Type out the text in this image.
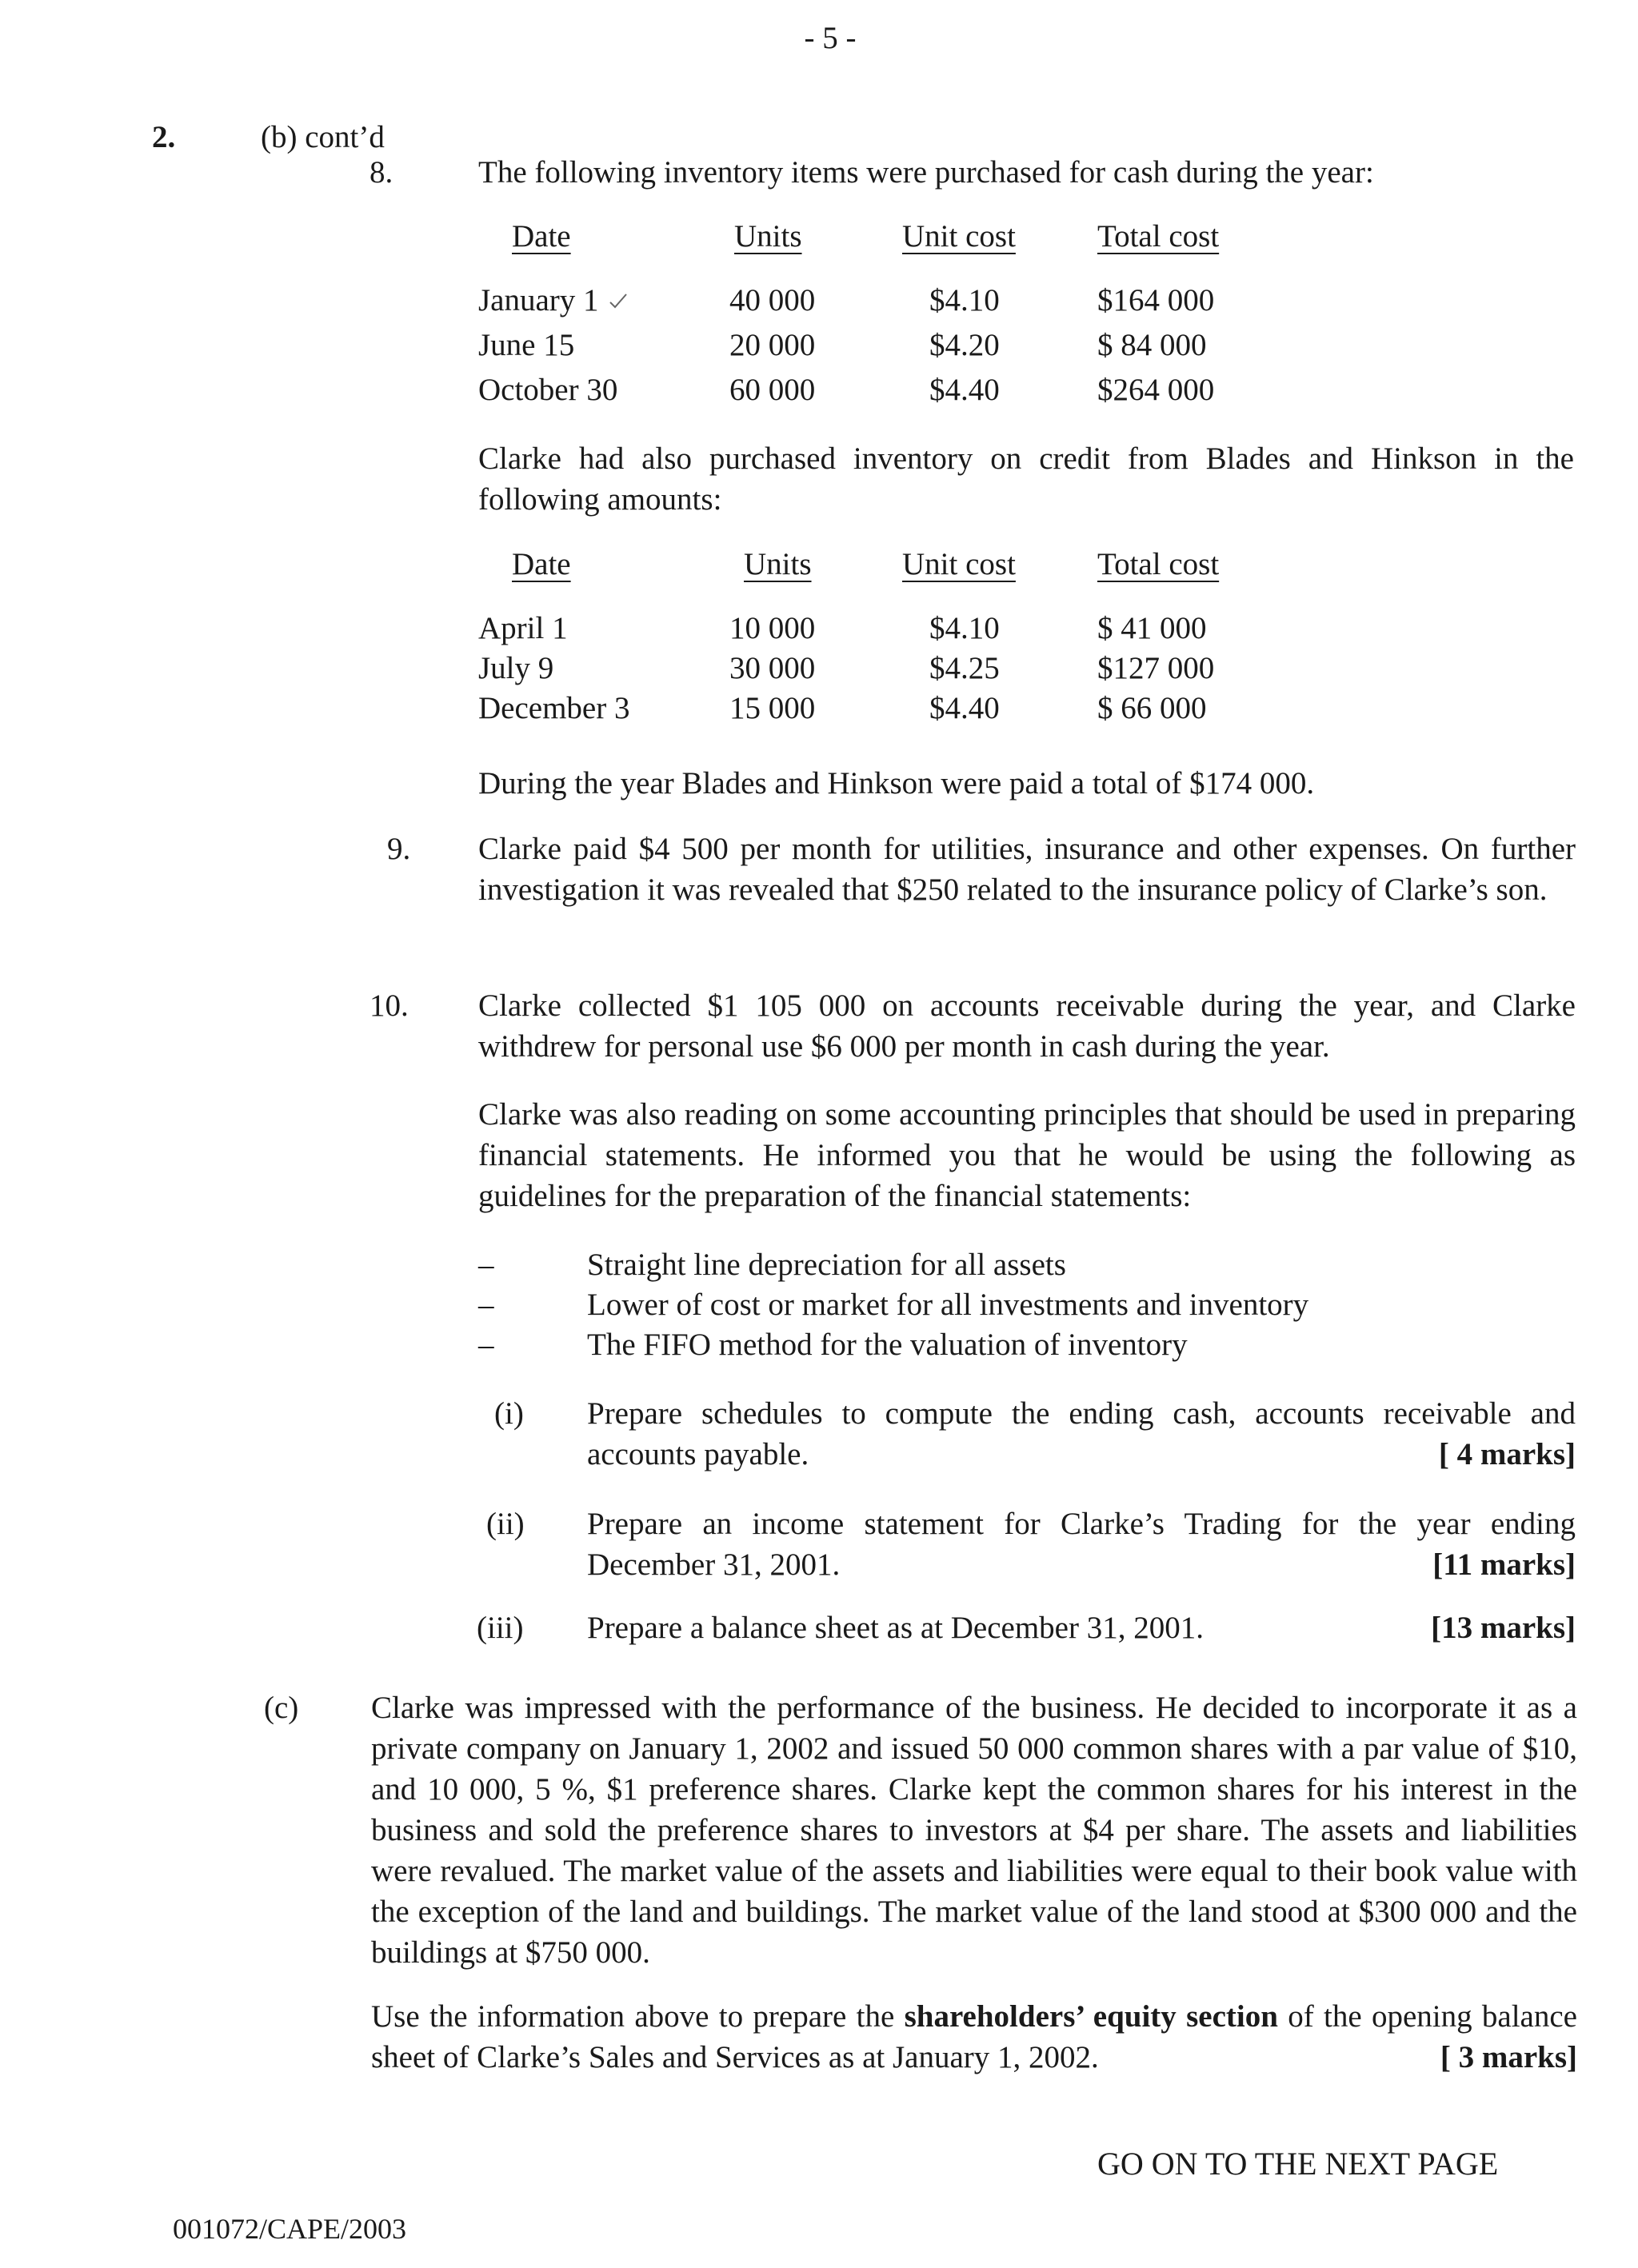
- 5 -
2.	(b) cont’d
8.	The following inventory items were purchased for cash during the year:
Date	Units	Unit cost	Total cost
January 1	40 000	$4.10	$164 000
June 15	20 000	$4.20	$ 84 000
October 30	60 000	$4.40	$264 000
Clarke had also purchased inventory on credit from Blades and Hinkson in the following amounts:
Date	Units	Unit cost	Total cost
April 1	10 000	$4.10	$ 41 000
July 9	30 000	$4.25	$127 000
December 3	15 000	$4.40	$ 66 000
During the year Blades and Hinkson were paid a total of $174 000.
9. Clarke paid $4 500 per month for utilities, insurance and other expenses. On further investigation it was revealed that $250 related to the insurance policy of Clarke’s son.
10. Clarke collected $1 105 000 on accounts receivable during the year, and Clarke withdrew for personal use $6 000 per month in cash during the year.
Clarke was also reading on some accounting principles that should be used in preparing financial statements. He informed you that he would be using the following as guidelines for the preparation of the financial statements:
–	Straight line depreciation for all assets
–	Lower of cost or market for all investments and inventory
–	The FIFO method for the valuation of inventory
(i) Prepare schedules to compute the ending cash, accounts receivable and accounts payable.	[ 4 marks]
(ii) Prepare an income statement for Clarke’s Trading for the year ending December 31, 2001.	[11 marks]
(iii) Prepare a balance sheet as at December 31, 2001.	[13 marks]
(c) Clarke was impressed with the performance of the business. He decided to incorporate it as a private company on January 1, 2002 and issued 50 000 common shares with a par value of $10, and 10 000, 5 %, $1 preference shares. Clarke kept the common shares for his interest in the business and sold the preference shares to investors at $4 per share. The assets and liabilities were revalued. The market value of the assets and liabilities were equal to their book value with the exception of the land and buildings. The market value of the land stood at $300 000 and the buildings at $750 000.
Use the information above to prepare the shareholders’ equity section of the opening balance sheet of Clarke’s Sales and Services as at January 1, 2002.	[ 3 marks]
GO ON TO THE NEXT PAGE
001072/CAPE/2003
